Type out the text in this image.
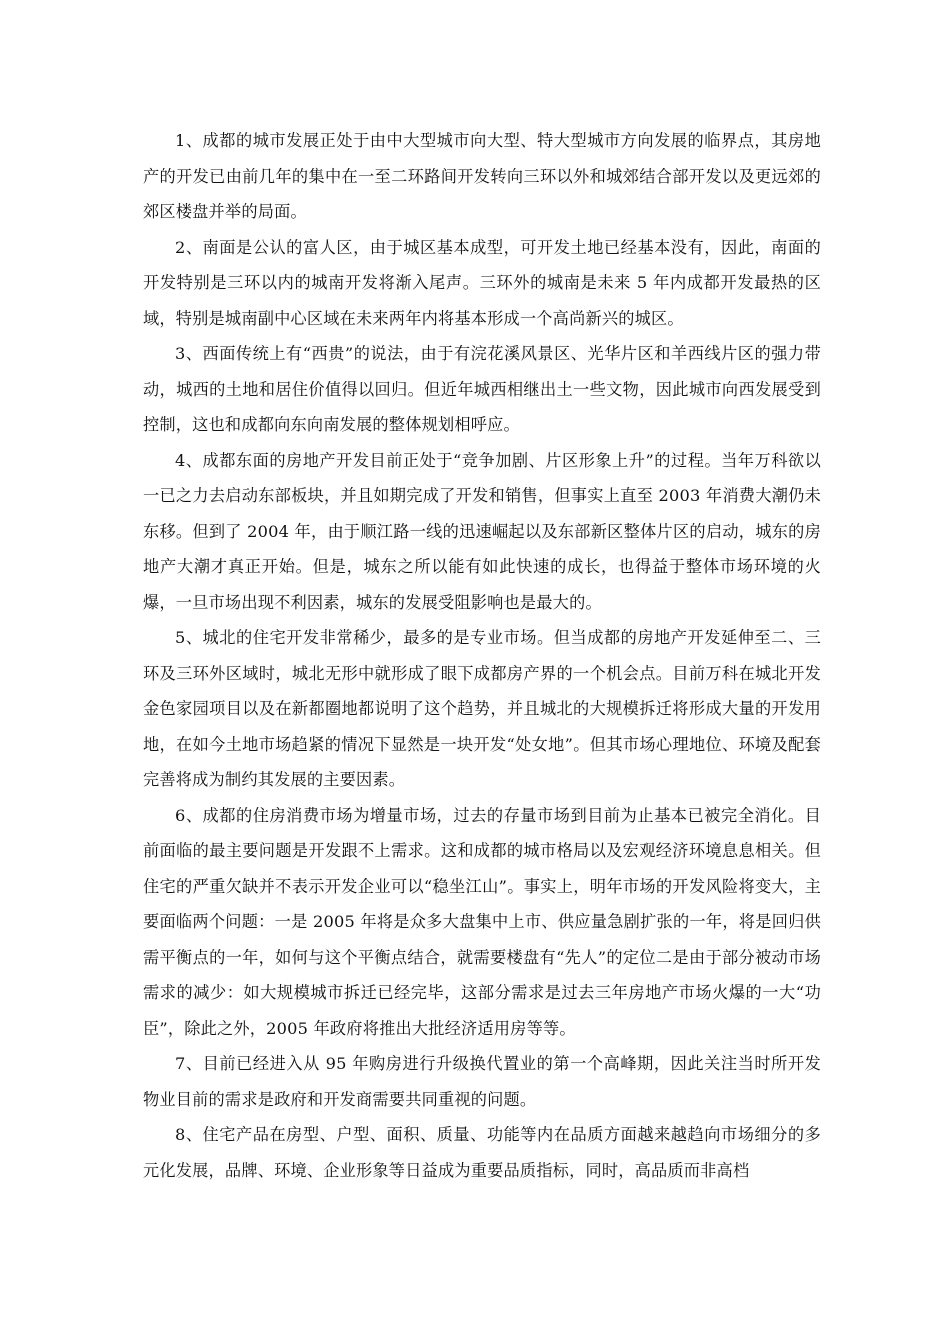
1、成都的城市发展正处于由中大型城市向大型、特大型城市方向发展的临界点，其房地产的开发已由前几年的集中在一至二环路间开发转向三环以外和城郊结合部开发以及更远郊的郊区楼盘并举的局面。

2、南面是公认的富人区，由于城区基本成型，可开发土地已经基本没有，因此，南面的开发特别是三环以内的城南开发将渐入尾声。三环外的城南是未来 5 年内成都开发最热的区域，特别是城南副中心区域在未来两年内将基本形成一个高尚新兴的城区。

3、西面传统上有“西贵”的说法，由于有浣花溪风景区、光华片区和羊西线片区的强力带动，城西的土地和居住价值得以回归。但近年城西相继出土一些文物，因此城市向西发展受到控制，这也和成都向东向南发展的整体规划相呼应。

4、成都东面的房地产开发目前正处于“竞争加剧、片区形象上升”的过程。当年万科欲以一已之力去启动东部板块，并且如期完成了开发和销售，但事实上直至 2003 年消费大潮仍未东移。但到了 2004 年，由于顺江路一线的迅速崛起以及东部新区整体片区的启动，城东的房地产大潮才真正开始。但是，城东之所以能有如此快速的成长，也得益于整体市场环境的火爆，一旦市场出现不利因素，城东的发展受阻影响也是最大的。

5、城北的住宅开发非常稀少，最多的是专业市场。但当成都的房地产开发延伸至二、三环及三环外区域时，城北无形中就形成了眼下成都房产界的一个机会点。目前万科在城北开发金色家园项目以及在新都圈地都说明了这个趋势，并且城北的大规模拆迁将形成大量的开发用地，在如今土地市场趋紧的情况下显然是一块开发“处女地”。但其市场心理地位、环境及配套完善将成为制约其发展的主要因素。

6、成都的住房消费市场为增量市场，过去的存量市场到目前为止基本已被完全消化。目前面临的最主要问题是开发跟不上需求。这和成都的城市格局以及宏观经济环境息息相关。但住宅的严重欠缺并不表示开发企业可以“稳坐江山”。事实上，明年市场的开发风险将变大，主要面临两个问题：一是 2005 年将是众多大盘集中上市、供应量急剧扩张的一年，将是回归供需平衡点的一年，如何与这个平衡点结合，就需要楼盘有“先人”的定位二是由于部分被动市场需求的减少：如大规模城市拆迁已经完毕，这部分需求是过去三年房地产市场火爆的一大“功臣”，除此之外，2005 年政府将推出大批经济适用房等等。

7、目前已经进入从 95 年购房进行升级换代置业的第一个高峰期，因此关注当时所开发物业目前的需求是政府和开发商需要共同重视的问题。

8、住宅产品在房型、户型、面积、质量、功能等内在品质方面越来越趋向市场细分的多元化发展，品牌、环境、企业形象等日益成为重要品质指标，同时，高品质而非高档
